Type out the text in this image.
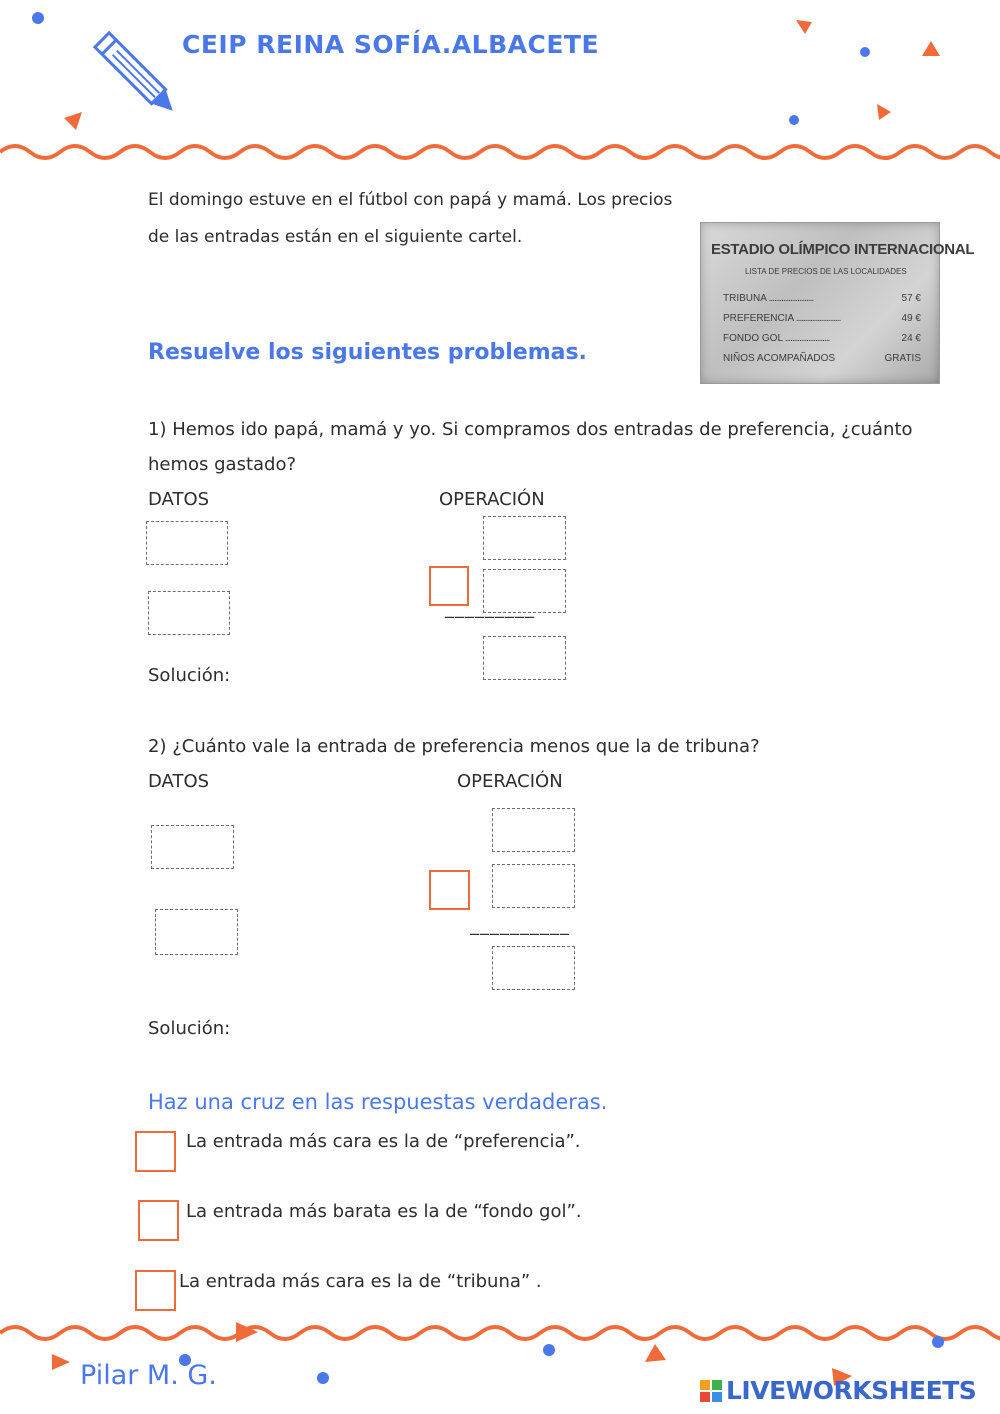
CEIP REINA SOFÍA.ALBACETE
El domingo estuve en el fútbol con papá y mamá. Los precios
de las entradas están en el siguiente cartel.
ESTADIO OLÍMPICO INTERNACIONAL
LISTA DE PRECIOS DE LAS LOCALIDADES
TRIBUNA .....	57 €
PREFERENCIA .....	49 €
FONDO GOL .....	24 €
NIÑOS ACOMPAÑADOS	GRATIS
Resuelve los siguientes problemas.
1) Hemos ido papá, mamá y yo. Si compramos dos entradas de preferencia, ¿cuánto
hemos gastado?
DATOS	OPERACIÓN
_________
Solución:
2) ¿Cuánto vale la entrada de preferencia menos que la de tribuna?
DATOS	OPERACIÓN
__________
Solución:
Haz una cruz en las respuestas verdaderas.
La entrada más cara es la de “preferencia”.
La entrada más barata es la de “fondo gol”.
La entrada más cara es la de “tribuna” .
Pilar M. G.	LIVEWORKSHEETS
